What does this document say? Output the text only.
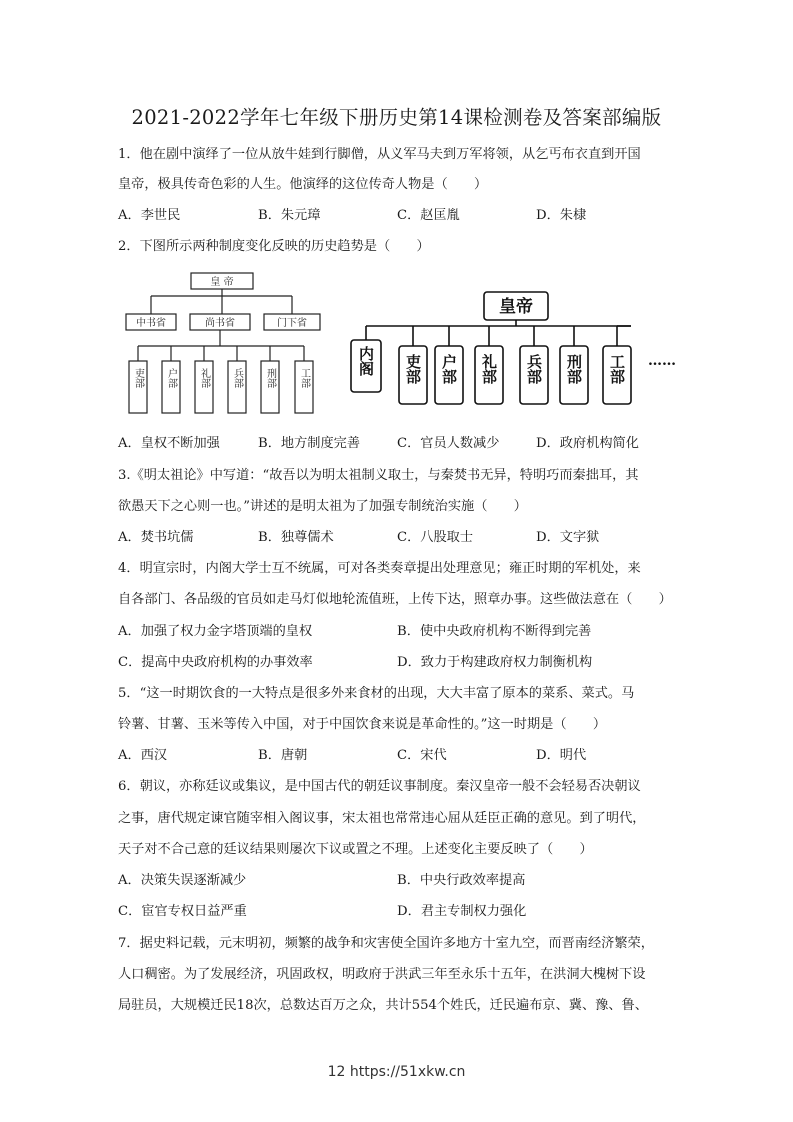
2021-2022学年七年级下册历史第14课检测卷及答案部编版
1．他在剧中演绎了一位从放牛娃到行脚僧，从义军马夫到万军将领，从乞丐布衣直到开国
皇帝，极具传奇色彩的人生。他演绎的这位传奇人物是（　　）
A．李世民	B．朱元璋	C．赵匡胤	D．朱棣
2．下图所示两种制度变化反映的历史趋势是（　　）
皇 帝
中书省	尚书省	门下省
吏部 户部 礼部 兵部 刑部 工部
皇帝
……
内阁 吏部 户部 礼部 兵部 刑部 工部
A．皇权不断加强	B．地方制度完善	C．官员人数减少	D．政府机构简化
3.《明太祖论》中写道：“故吾以为明太祖制义取士，与秦焚书无异，特明巧而秦拙耳，其
欲愚天下之心则一也。”讲述的是明太祖为了加强专制统治实施（　　）
A．焚书坑儒	B．独尊儒术	C．八股取士	D．文字狱
4．明宣宗时，内阁大学士互不统属，可对各类奏章提出处理意见；雍正时期的军机处，来
自各部门、各品级的官员如走马灯似地轮流值班，上传下达，照章办事。这些做法意在（　　）
A．加强了权力金字塔顶端的皇权	B．使中央政府机构不断得到完善
C．提高中央政府机构的办事效率	D．致力于构建政府权力制衡机构
5．“这一时期饮食的一大特点是很多外来食材的出现，大大丰富了原本的菜系、菜式。马
铃薯、甘薯、玉米等传入中国，对于中国饮食来说是革命性的。”这一时期是（　　）
A．西汉	B．唐朝	C．宋代	D．明代
6．朝议，亦称廷议或集议，是中国古代的朝廷议事制度。秦汉皇帝一般不会轻易否决朝议
之事，唐代规定谏官随宰相入阁议事，宋太祖也常常违心屈从廷臣正确的意见。到了明代，
天子对不合己意的廷议结果则屡次下议或置之不理。上述变化主要反映了（　　）
A．决策失误逐渐减少	B．中央行政效率提高
C．宦官专权日益严重	D．君主专制权力强化
7．据史料记载，元末明初，频繁的战争和灾害使全国许多地方十室九空，而晋南经济繁荣，
人口稠密。为了发展经济，巩固政权，明政府于洪武三年至永乐十五年，在洪洞大槐树下设
局驻员，大规模迁民18次，总数达百万之众，共计554个姓氏，迁民遍布京、冀、豫、鲁、
12 https://51xkw.cn
